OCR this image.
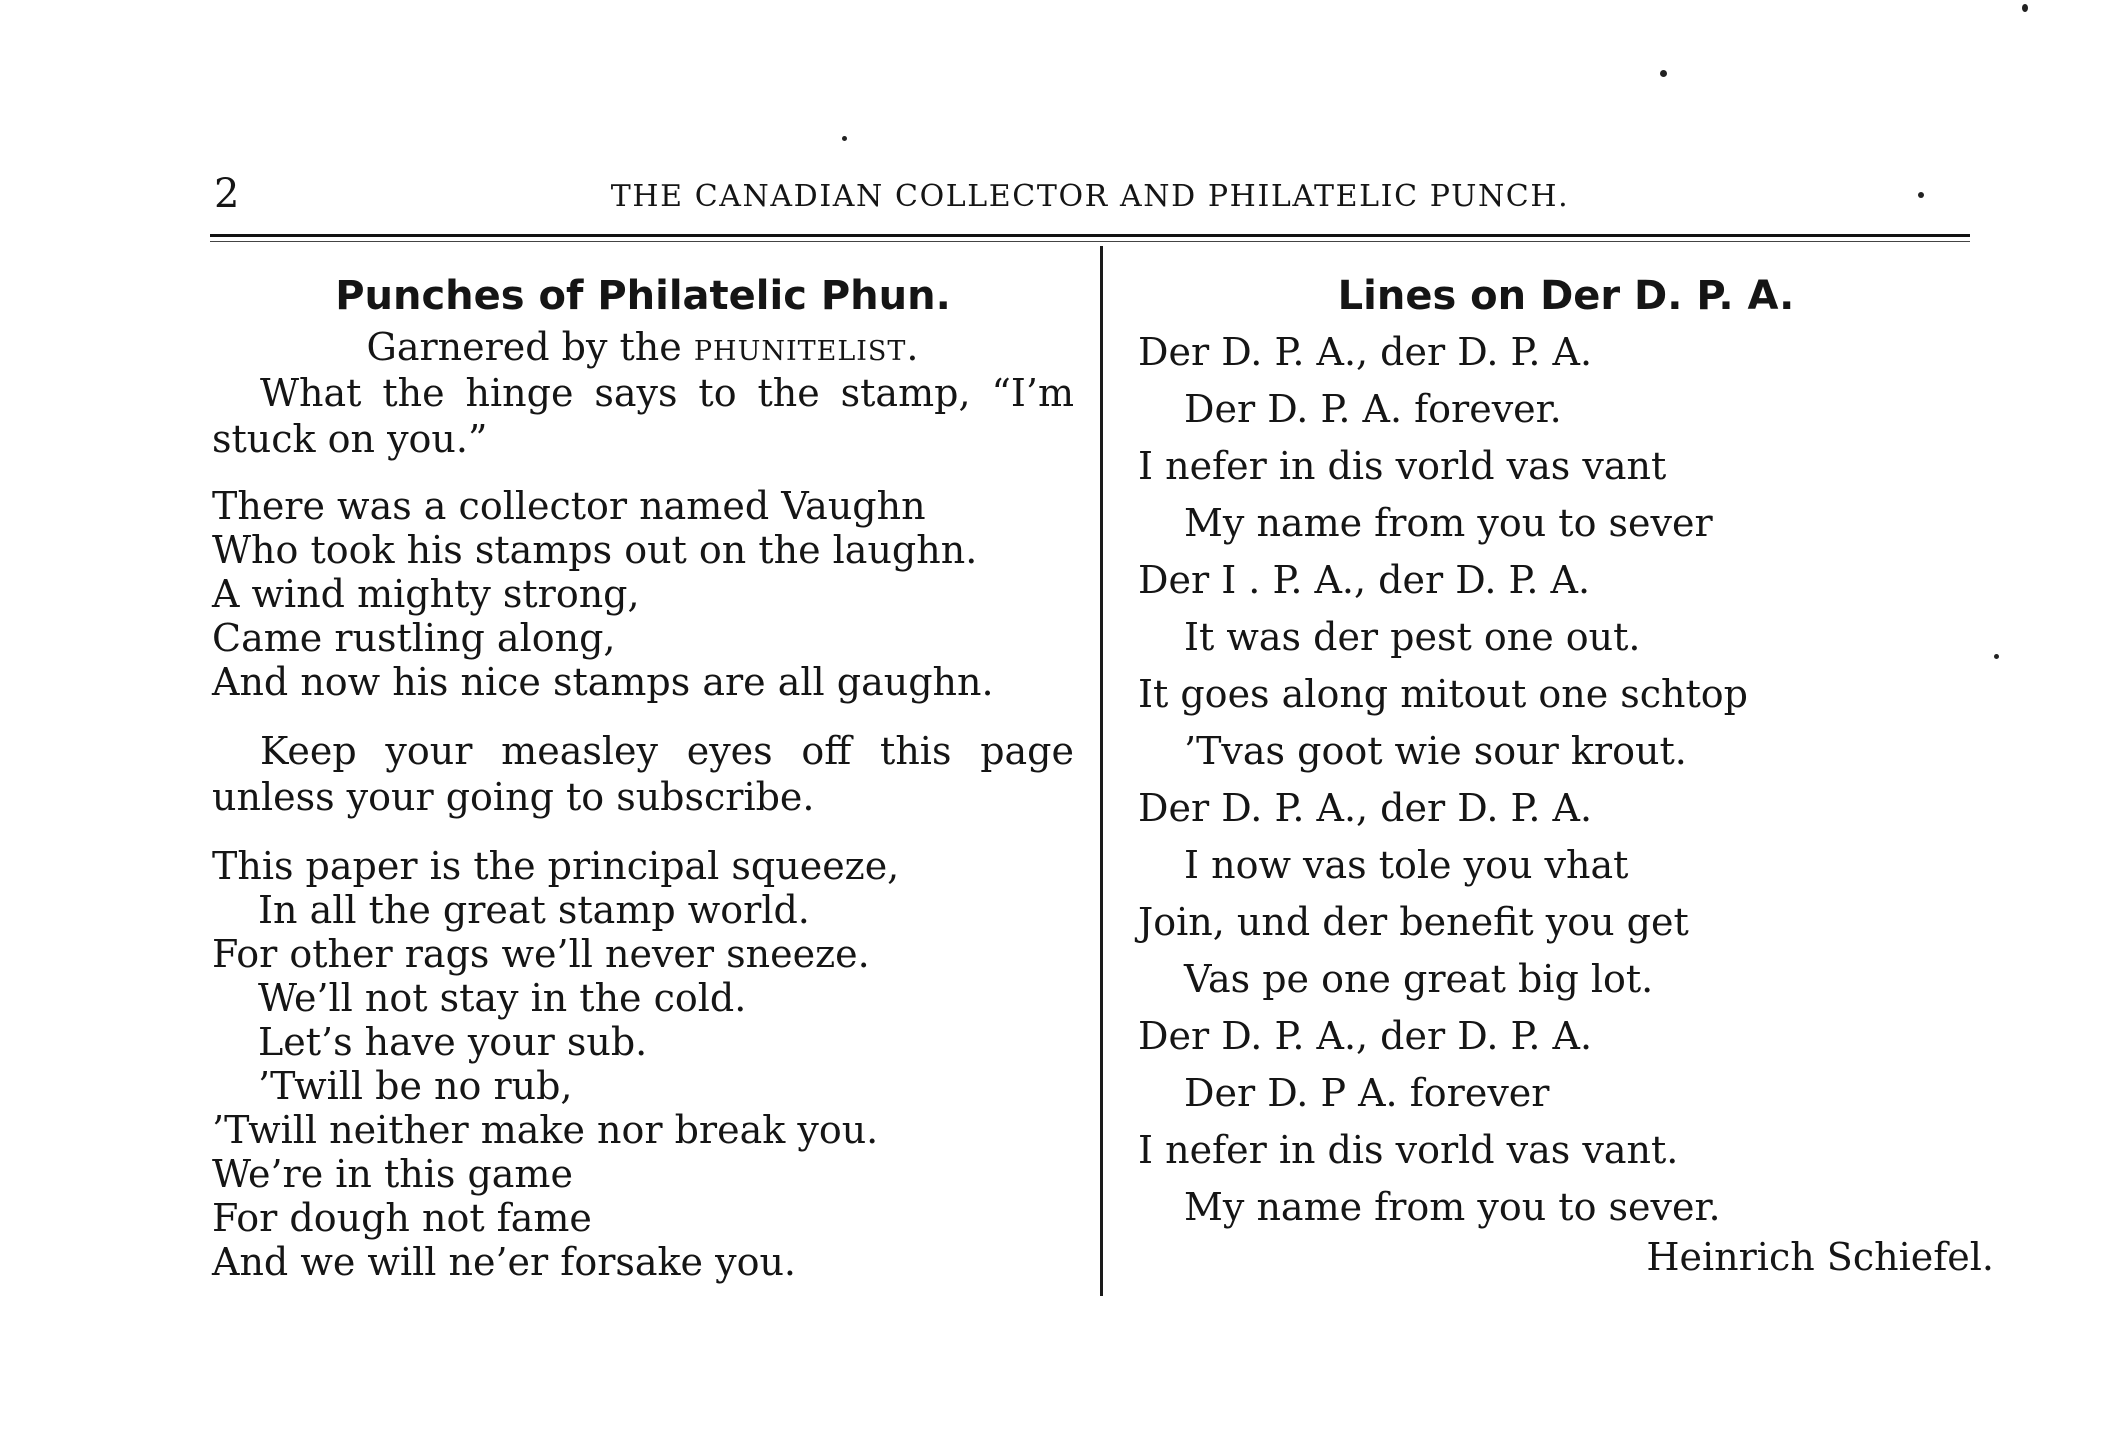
2	THE CANADIAN COLLECTOR AND PHILATELIC PUNCH.
Punches of Philatelic Phun.

Garnered by the phunitelist.

What the hinge says to the stamp, “I’m stuck on you.”

There was a collector named Vaughn
Who took his stamps out on the laughn.
A wind mighty strong,
Came rustling along,
And now his nice stamps are all gaughn.

Keep your measley eyes off this page unless your going to subscribe.

This paper is the principal squeeze,
In all the great stamp world.
For other rags we’ll never sneeze.
We’ll not stay in the cold.
Let’s have your sub.
’Twill be no rub,
’Twill neither make nor break you.
We’re in this game
For dough not fame
And we will ne’er forsake you.
Lines on Der D. P. A.
Der D. P. A., der D. P. A.
Der D. P. A. forever.
I nefer in dis vorld vas vant
My name from you to sever
Der I . P. A., der D. P. A.
It was der pest one out.
It goes along mitout one schtop
’Tvas goot wie sour krout.
Der D. P. A., der D. P. A.
I now vas tole you vhat
Join, und der benefit you get
Vas pe one great big lot.
Der D. P. A., der D. P. A.
Der D. P A. forever
I nefer in dis vorld vas vant.
My name from you to sever.
Heinrich Schiefel.
